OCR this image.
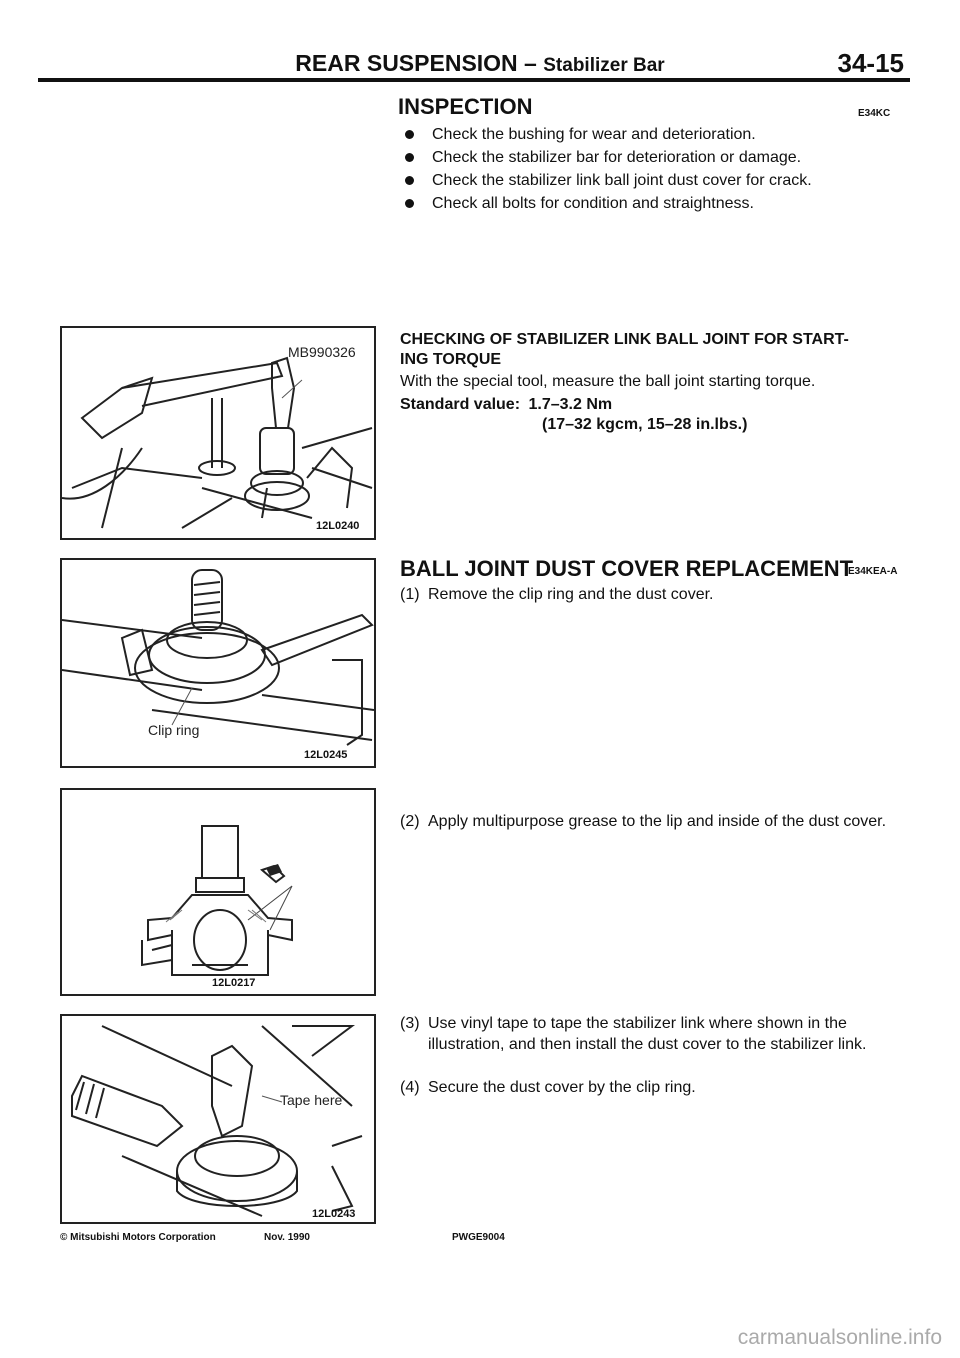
REAR SUSPENSION – Stabilizer Bar	34-15
INSPECTION	E34KC
Check the bushing for wear and deterioration.
Check the stabilizer bar for deterioration or damage.
Check the stabilizer link ball joint dust cover for crack.
Check all bolts for condition and straightness.
CHECKING OF STABILIZER LINK BALL JOINT FOR START-
ING TORQUE
With the special tool, measure the ball joint starting torque.
Standard value: 1.7–3.2 Nm
(17–32 kgcm, 15–28 in.lbs.)
BALL JOINT DUST COVER REPLACEMENT
E34KEA-A
(1) Remove the clip ring and the dust cover.
(2) Apply multipurpose grease to the lip and inside of the dust cover.
(3) Use vinyl tape to tape the stabilizer link where shown in the illustration, and then install the dust cover to the stabilizer link.
(4) Secure the dust cover by the clip ring.
MB990326
12L0240
Clip ring
12L0245
12L0217
Tape here
12L0243
© Mitsubishi Motors Corporation	Nov. 1990	PWGE9004
carmanualsonline.info
